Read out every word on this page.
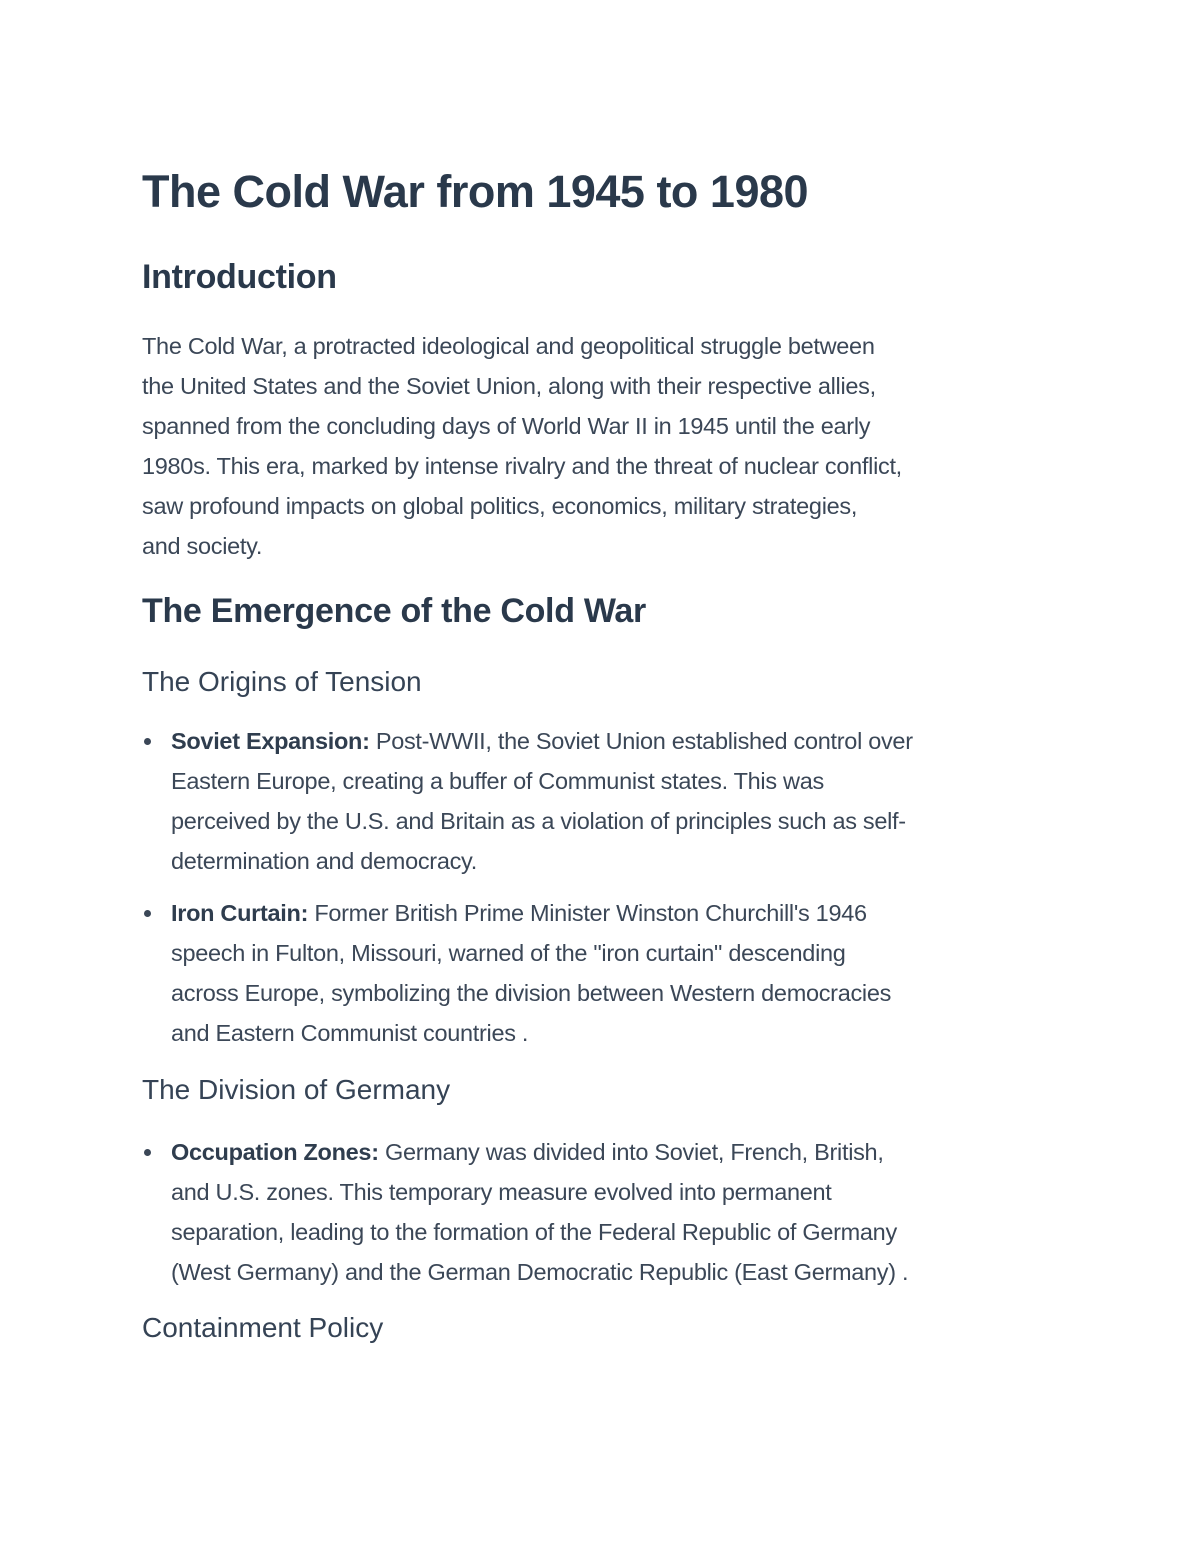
The Cold War from 1945 to 1980
Introduction

The Cold War, a protracted ideological and geopolitical struggle between
the United States and the Soviet Union, along with their respective allies,
spanned from the concluding days of World War II in 1945 until the early
1980s. This era, marked by intense rivalry and the threat of nuclear conflict,
saw profound impacts on global politics, economics, military strategies,
and society.

The Emergence of the Cold War
The Origins of Tension
Soviet Expansion: Post-WWII, the Soviet Union established control over
Eastern Europe, creating a buffer of Communist states. This was
perceived by the U.S. and Britain as a violation of principles such as self-
determination and democracy.
Iron Curtain: Former British Prime Minister Winston Churchill's 1946
speech in Fulton, Missouri, warned of the "iron curtain" descending
across Europe, symbolizing the division between Western democracies
and Eastern Communist countries .
The Division of Germany
Occupation Zones: Germany was divided into Soviet, French, British,
and U.S. zones. This temporary measure evolved into permanent
separation, leading to the formation of the Federal Republic of Germany
(West Germany) and the German Democratic Republic (East Germany) .
Containment Policy
